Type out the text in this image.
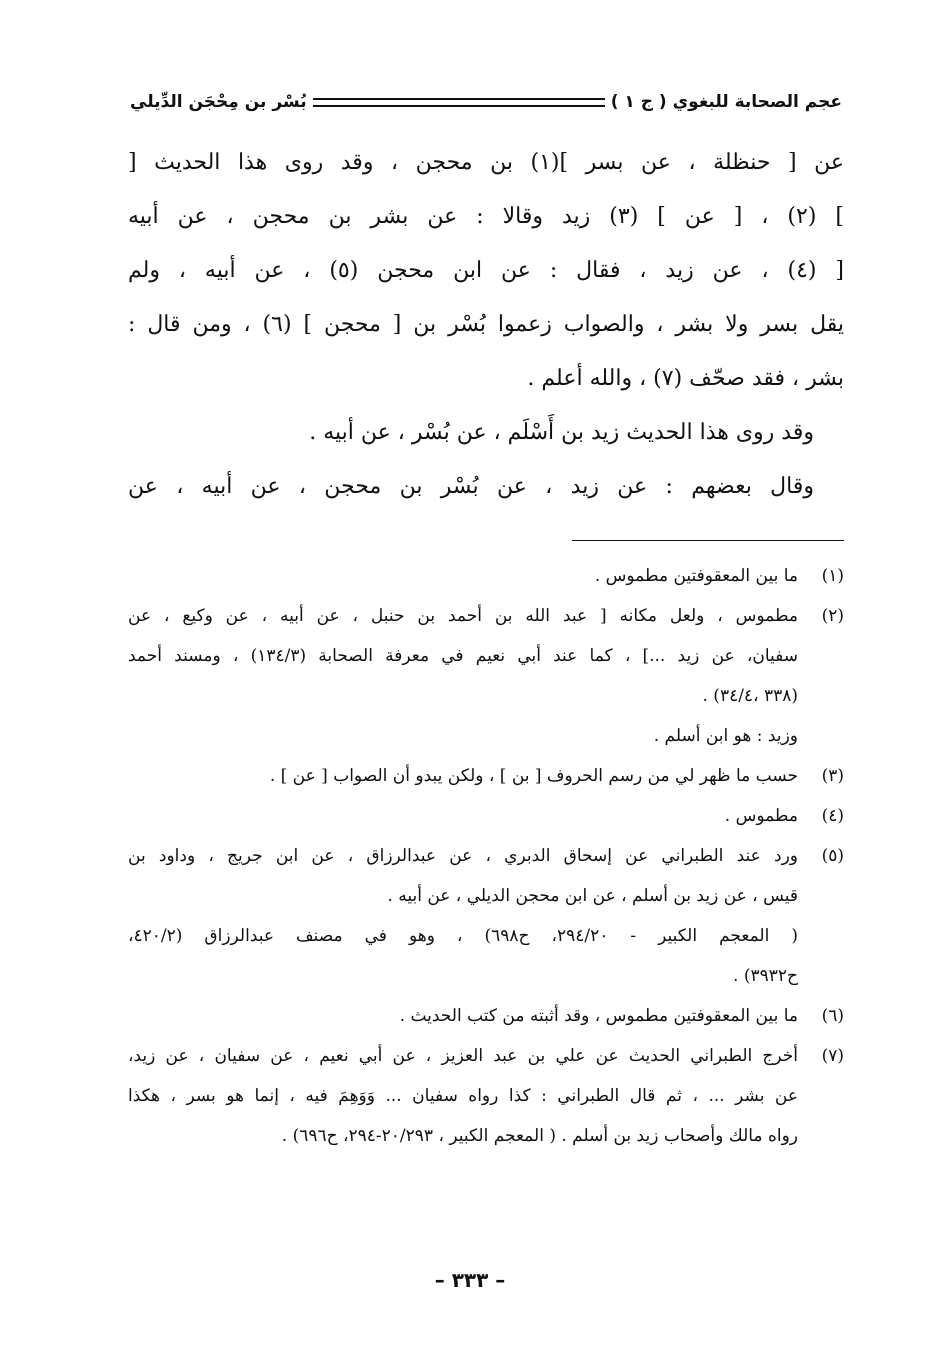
عجم الصحابة للبغوي ( ج ١ )
بُسْر بن مِحْجَن الدِّيلي
عن [ حنظلة ، عن بسر ](١) بن محجن ، وقد روى هذا الحديث [
] (٢) ، [ عن ] (٣) زيد وقالا : عن بشر بن محجن ، عن أبيه
[ (٤) ، عن زيد ، فقال : عن ابن محجن (٥) ، عن أبيه ، ولم
يقل بسر ولا بشر ، والصواب زعموا بُسْر بن [ محجن ] (٦) ، ومن قال :
بشر ، فقد صحّف (٧) ، والله أعلم .
وقد روى هذا الحديث زيد بن أَسْلَم ، عن بُسْر ، عن أبيه .
وقال بعضهم : عن زيد ، عن بُسْر بن محجن ، عن أبيه ، عن
(١)
ما بين المعقوفتين مطموس .
(٢)
مطموس ، ولعل مكانه [ عبد الله بن أحمد بن حنبل ، عن أبيه ، عن وكيع ، عن
سفيان، عن زيد ...] ، كما عند أبي نعيم في معرفة الصحابة (١٣٤/٣) ، ومسند أحمد
(٣٣٨ ،٣٤/٤) .
وزيد : هو ابن أسلم .
(٣)
حسب ما ظهر لي من رسم الحروف [ بن ] ، ولكن يبدو أن الصواب [ عن ] .
(٤)
مطموس .
(٥)
ورد عند الطبراني عن إسحاق الدبري ، عن عبدالرزاق ، عن ابن جريج ، وداود بن
قيس ، عن زيد بن أسلم ، عن ابن محجن الديلي ، عن أبيه .
( المعجم الكبير - ٢٩٤/٢٠، ح٦٩٨) ، وهو في مصنف عبدالرزاق (٤٢٠/٢،
ح٣٩٣٢) .
(٦)
ما بين المعقوفتين مطموس ، وقد أثبته من كتب الحديث .
(٧)
أخرج الطبراني الحديث عن علي بن عبد العزيز ، عن أبي نعيم ، عن سفيان ، عن زيد،
عن بشر ... ، ثم قال الطبراني : كذا رواه سفيان ... وَوَهِمَ فيه ، إنما هو بسر ، هكذا
رواه مالك وأصحاب زيد بن أسلم . ( المعجم الكبير ، ٢٠/٢٩٣-٢٩٤، ح٦٩٦) .
– ٣٣٣ –
